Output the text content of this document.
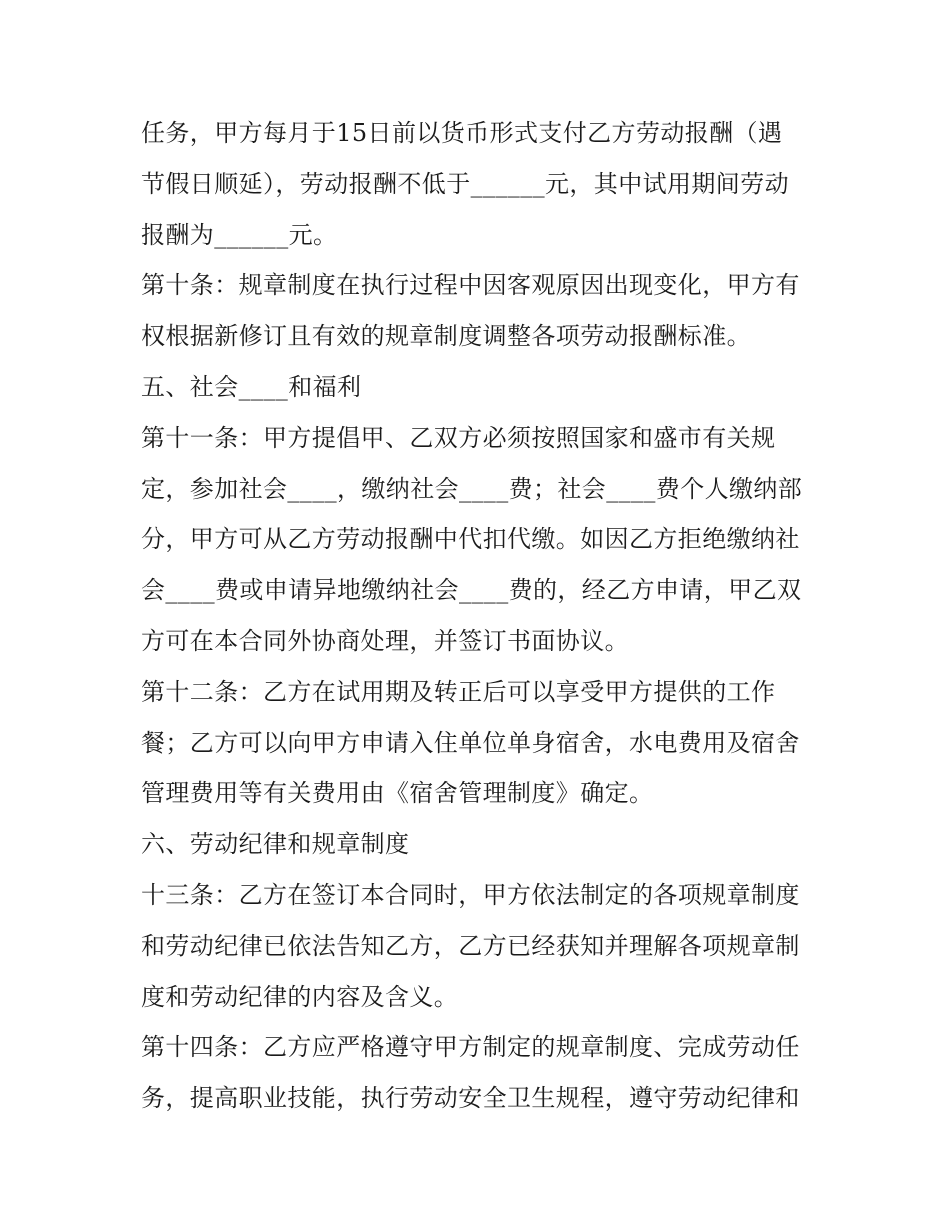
任务，甲方每月于15日前以货币形式支付乙方劳动报酬（遇
节假日顺延），劳动报酬不低于______元，其中试用期间劳动
报酬为______元。
第十条：规章制度在执行过程中因客观原因出现变化，甲方有
权根据新修订且有效的规章制度调整各项劳动报酬标准。
五、社会____和福利
第十一条：甲方提倡甲、乙双方必须按照国家和盛市有关规
定，参加社会____，缴纳社会____费；社会____费个人缴纳部
分，甲方可从乙方劳动报酬中代扣代缴。如因乙方拒绝缴纳社
会____费或申请异地缴纳社会____费的，经乙方申请，甲乙双
方可在本合同外协商处理，并签订书面协议。
第十二条：乙方在试用期及转正后可以享受甲方提供的工作
餐；乙方可以向甲方申请入住单位单身宿舍，水电费用及宿舍
管理费用等有关费用由《宿舍管理制度》确定。
六、劳动纪律和规章制度
十三条：乙方在签订本合同时，甲方依法制定的各项规章制度
和劳动纪律已依法告知乙方，乙方已经获知并理解各项规章制
度和劳动纪律的内容及含义。
第十四条：乙方应严格遵守甲方制定的规章制度、完成劳动任
务，提高职业技能，执行劳动安全卫生规程，遵守劳动纪律和
